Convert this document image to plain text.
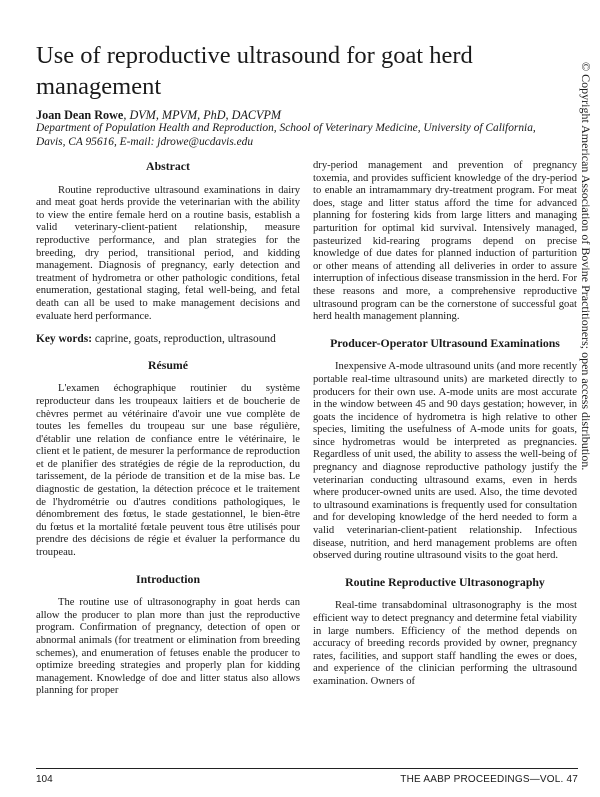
Use of reproductive ultrasound for goat herd management
Joan Dean Rowe, DVM, MPVM, PhD, DACVPM
Department of Population Health and Reproduction, School of Veterinary Medicine, University of California, Davis, CA 95616, E-mail: jdrowe@ucdavis.edu
Abstract

Routine reproductive ultrasound examinations in dairy and meat goat herds provide the veterinarian with the ability to view the entire female herd on a routine basis, establish a valid veterinary-client-patient relationship, measure reproductive performance, and plan strategies for the breeding, dry period, transitional period, and kidding management. Diagnosis of pregnancy, early detection and treatment of hydrometra or other pathologic conditions, fetal enumeration, gestational staging, fetal well-being, and fetal death can all be used to make management decisions and evaluate herd performance.

Key words: caprine, goats, reproduction, ultrasound

Résumé

L'examen échographique routinier du système reproducteur dans les troupeaux laitiers et de boucherie de chèvres permet au vétérinaire d'avoir une vue complète de toutes les femelles du troupeau sur une base régulière, d'établir une relation de confiance entre le vétérinaire, le client et le patient, de mesurer la performance de reproduction et de planifier des stratégies de régie de la reproduction, du tarissement, de la période de transition et de la mise bas. Le diagnostic de gestation, la détection précoce et le traitement de l'hydrométrie ou d'autres conditions pathologiques, le dénombrement des fœtus, le stade gestationnel, le bien-être du fœtus et la mortalité fœtale peuvent tous être utilisés pour prendre des décisions de régie et évaluer la performance du troupeau.

Introduction

The routine use of ultrasonography in goat herds can allow the producer to plan more than just the reproductive program. Confirmation of pregnancy, detection of open or abnormal animals (for treatment or elimination from breeding schemes), and enumeration of fetuses enable the producer to optimize breeding strategies and properly plan for kidding management. Knowledge of doe and litter status also allows planning for proper

dry-period management and prevention of pregnancy toxemia, and provides sufficient knowledge of the dry-period to enable an intramammary dry-treatment program. For meat does, stage and litter status afford the time for advanced planning for fostering kids from large litters and managing parturition for optimal kid survival. Intensively managed, pasteurized kid-rearing programs depend on precise knowledge of due dates for planned induction of parturition or other means of attending all deliveries in order to assure interruption of infectious disease transmission in the herd. For these reasons and more, a comprehensive reproductive ultrasound program can be the cornerstone of successful goat herd health management planning.

Producer-Operator Ultrasound Examinations

Inexpensive A-mode ultrasound units (and more recently portable real-time ultrasound units) are marketed directly to producers for their own use. A-mode units are most accurate in the window between 45 and 90 days gestation; however, in goats the incidence of hydrometra is high relative to other species, limiting the usefulness of A-mode units for goats, since hydrometras would be interpreted as pregnancies. Regardless of unit used, the ability to assess the well-being of pregnancy and diagnose reproductive pathology justify the veterinarian conducting ultrasound exams, even in herds where producer-owned units are used. Also, the time devoted to ultrasound examinations is frequently used for consultation and for developing knowledge of the herd needed to form a valid veterinarian-client-patient relationship. Infectious disease, nutrition, and herd management problems are often observed during routine ultrasound visits to the goat herd.

Routine Reproductive Ultrasonography

Real-time transabdominal ultrasonography is the most efficient way to detect pregnancy and determine fetal viability in large numbers. Efficiency of the method depends on accuracy of breeding records provided by owner, pregnancy rates, facilities, and support staff handling the ewes or does, and experience of the clinician performing the ultrasound examination. Owners of

© Copyright American Association of Bovine Practitioners; open access distribution.
104	THE AABP PROCEEDINGS—VOL. 47
